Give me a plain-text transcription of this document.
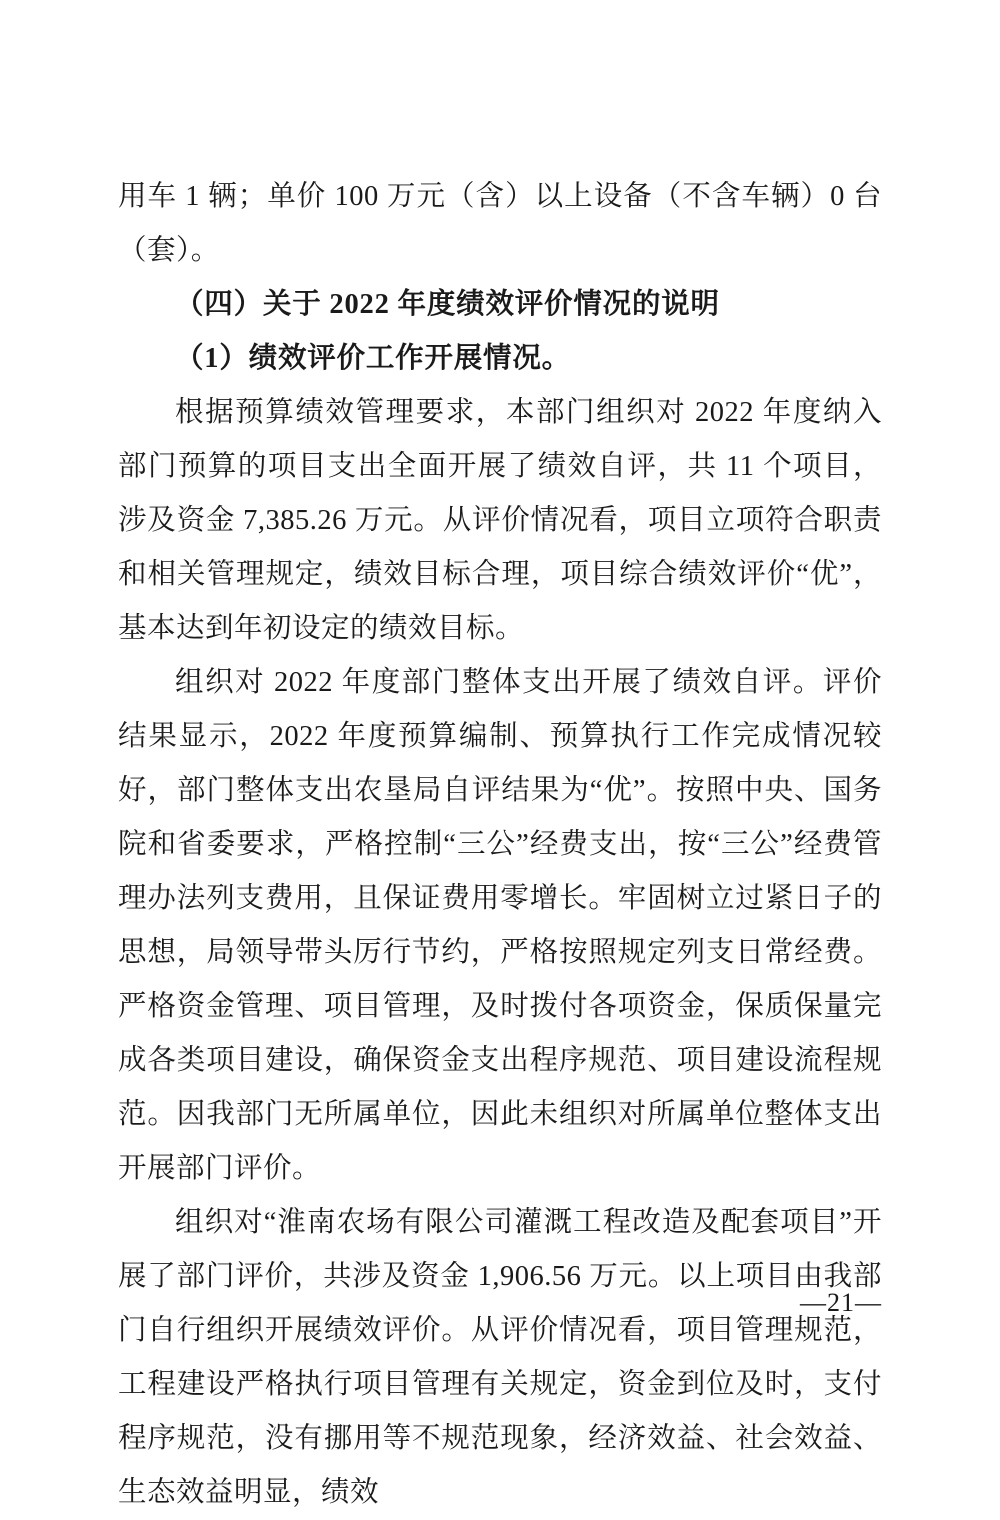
用车 1 辆；单价 100 万元（含）以上设备（不含车辆）0 台（套）。

（四）关于 2022 年度绩效评价情况的说明

（1）绩效评价工作开展情况。

根据预算绩效管理要求，本部门组织对 2022 年度纳入部门预算的项目支出全面开展了绩效自评，共 11 个项目，涉及资金 7,385.26 万元。从评价情况看，项目立项符合职责和相关管理规定，绩效目标合理，项目综合绩效评价“优”，基本达到年初设定的绩效目标。

组织对 2022 年度部门整体支出开展了绩效自评。评价结果显示，2022 年度预算编制、预算执行工作完成情况较好，部门整体支出农垦局自评结果为“优”。按照中央、国务院和省委要求，严格控制“三公”经费支出，按“三公”经费管理办法列支费用，且保证费用零增长。牢固树立过紧日子的思想，局领导带头厉行节约，严格按照规定列支日常经费。严格资金管理、项目管理，及时拨付各项资金，保质保量完成各类项目建设，确保资金支出程序规范、项目建设流程规范。因我部门无所属单位，因此未组织对所属单位整体支出开展部门评价。

组织对“淮南农场有限公司灌溉工程改造及配套项目”开展了部门评价，共涉及资金 1,906.56 万元。以上项目由我部门自行组织开展绩效评价。从评价情况看，项目管理规范，工程建设严格执行项目管理有关规定，资金到位及时，支付程序规范，没有挪用等不规范现象，经济效益、社会效益、生态效益明显，绩效

—21—
